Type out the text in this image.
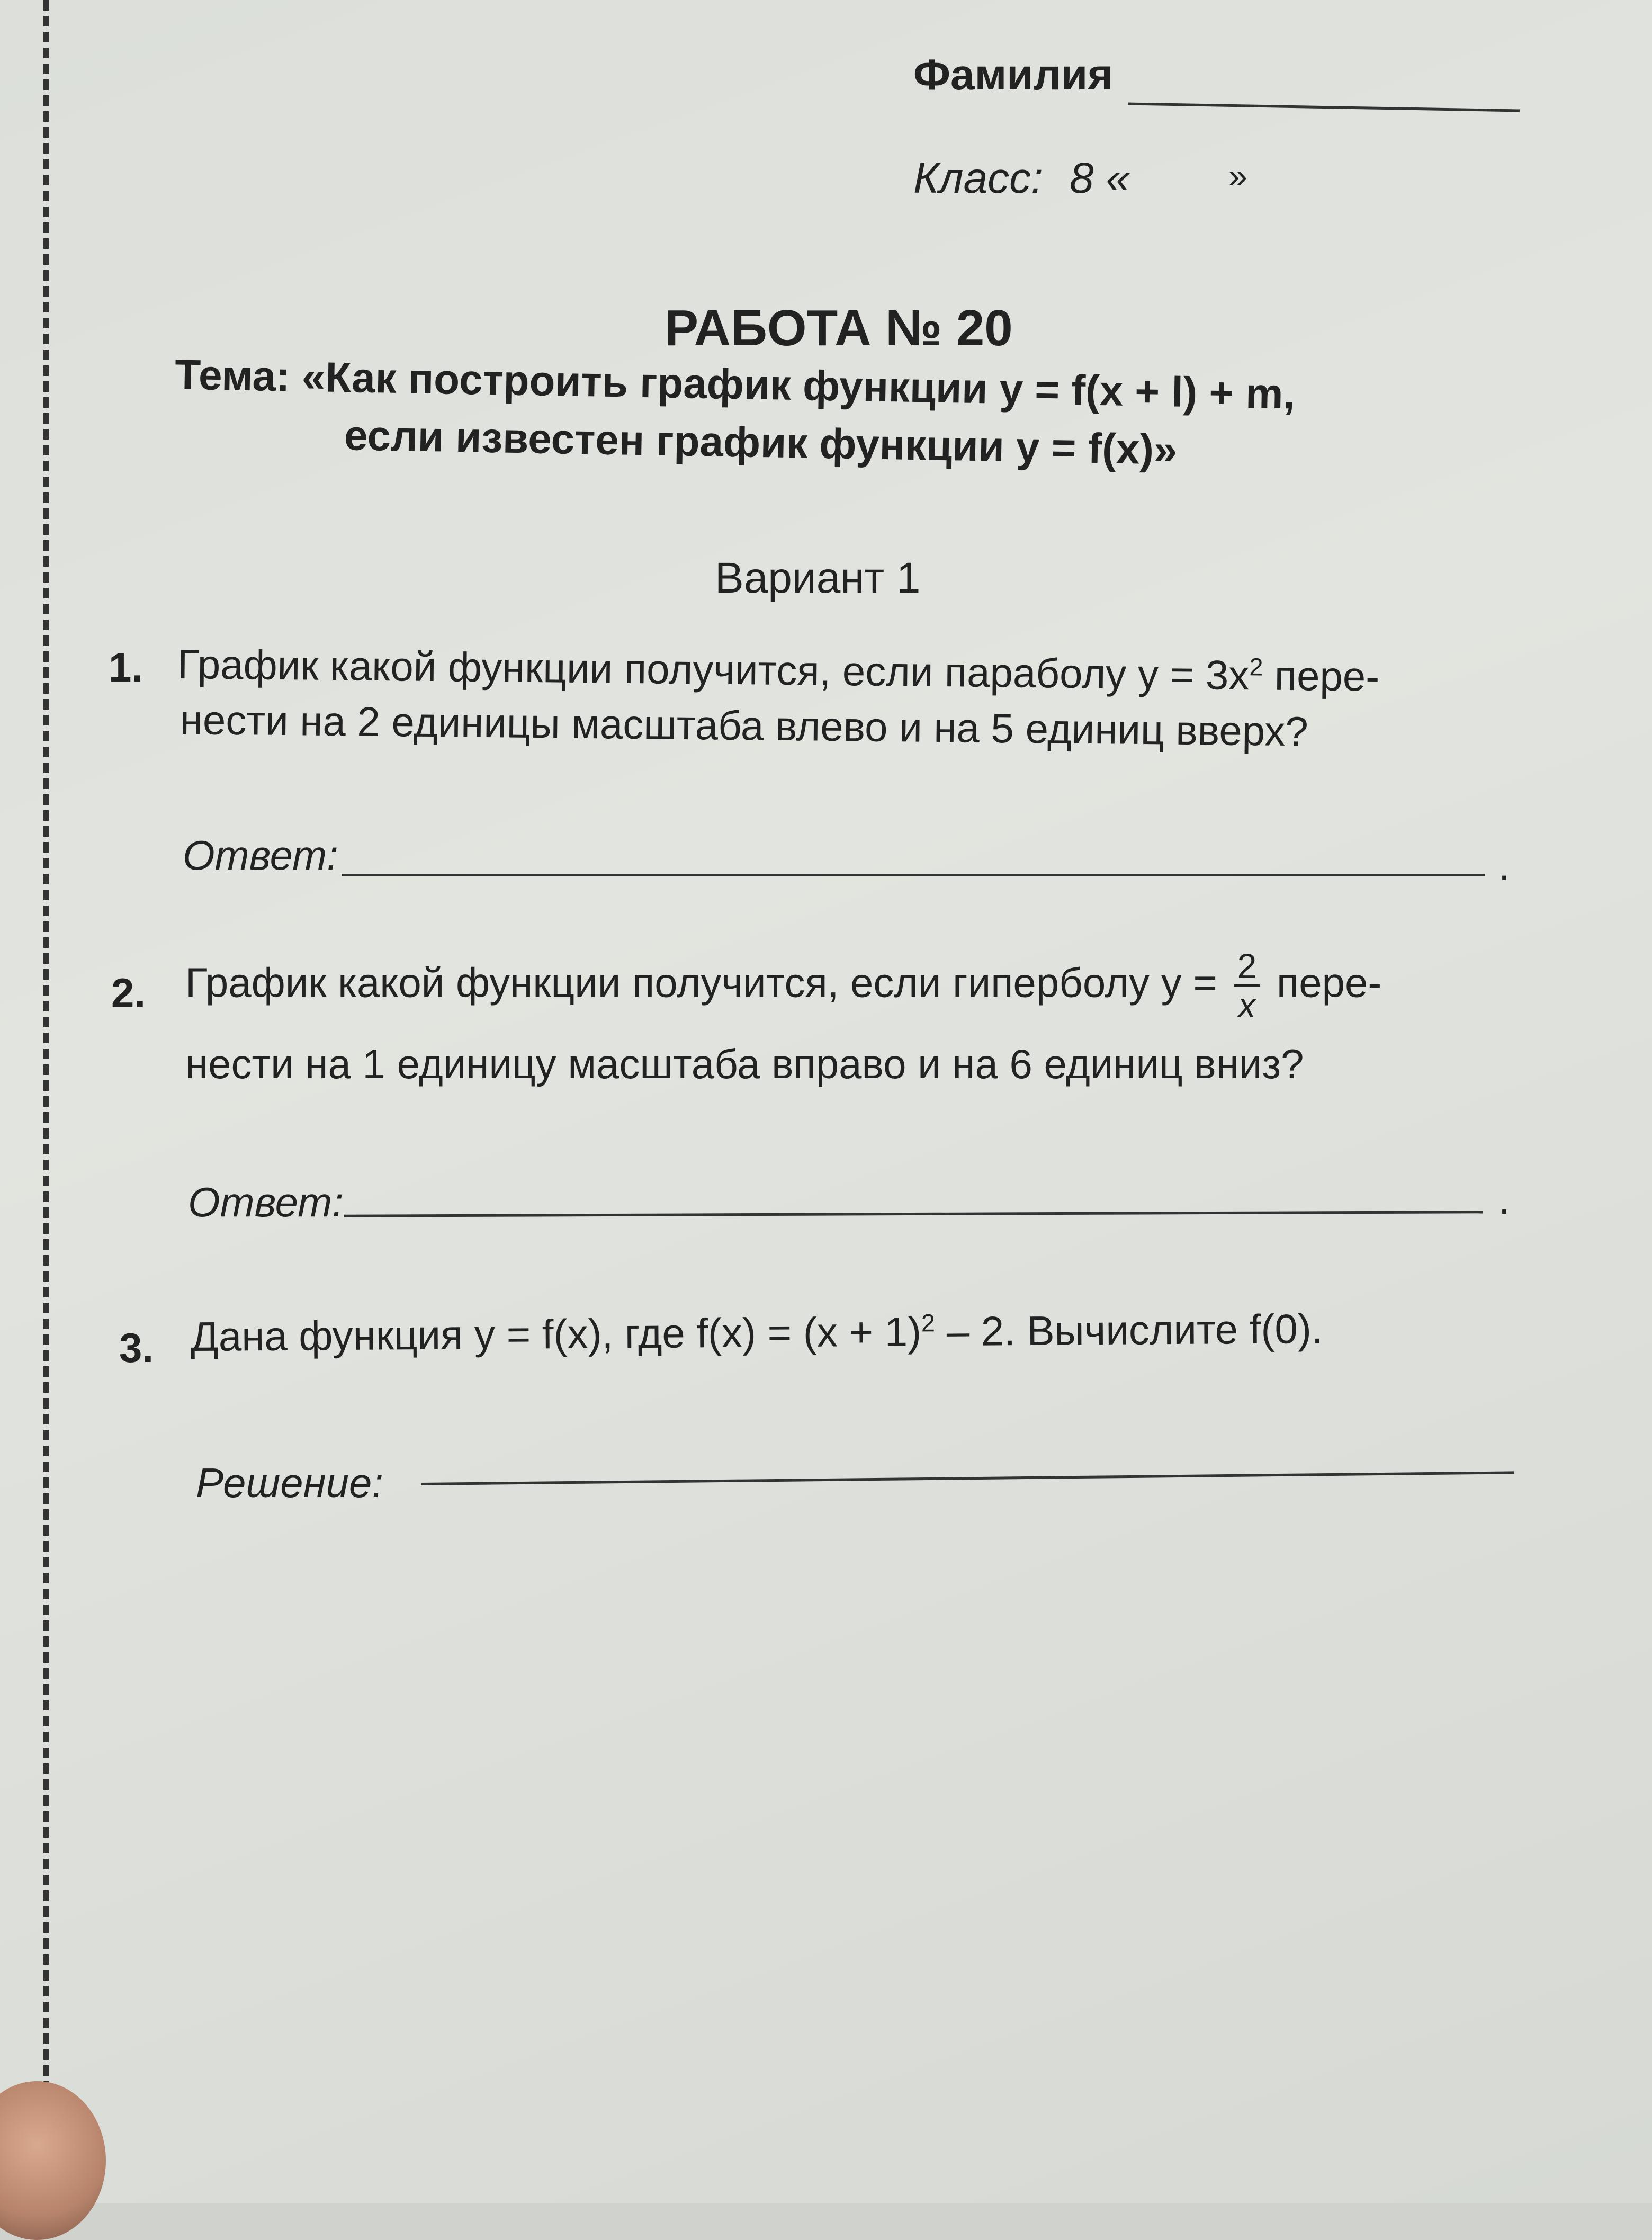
Фамилия
Класс: 8 «	»
РАБОТА № 20
Тема: «Как построить график функции y = f(x + l) + m,
если известен график функции y = f(x)»
Вариант 1
1. График какой функции получится, если параболу $y = 3x^2$ пере-
нести на 2 единицы масштаба влево и на 5 единиц вверх?
Ответ:	.
2. График какой функции получится, если гиперболу $y = \frac{2}{x}$ пере-
нести на 1 единицу масштаба вправо и на 6 единиц вниз?
Ответ:	.
3. Дана функция y = f(x), где $f(x) = (x + 1)^2 - 2$. Вычислите f(0).
Решение:
